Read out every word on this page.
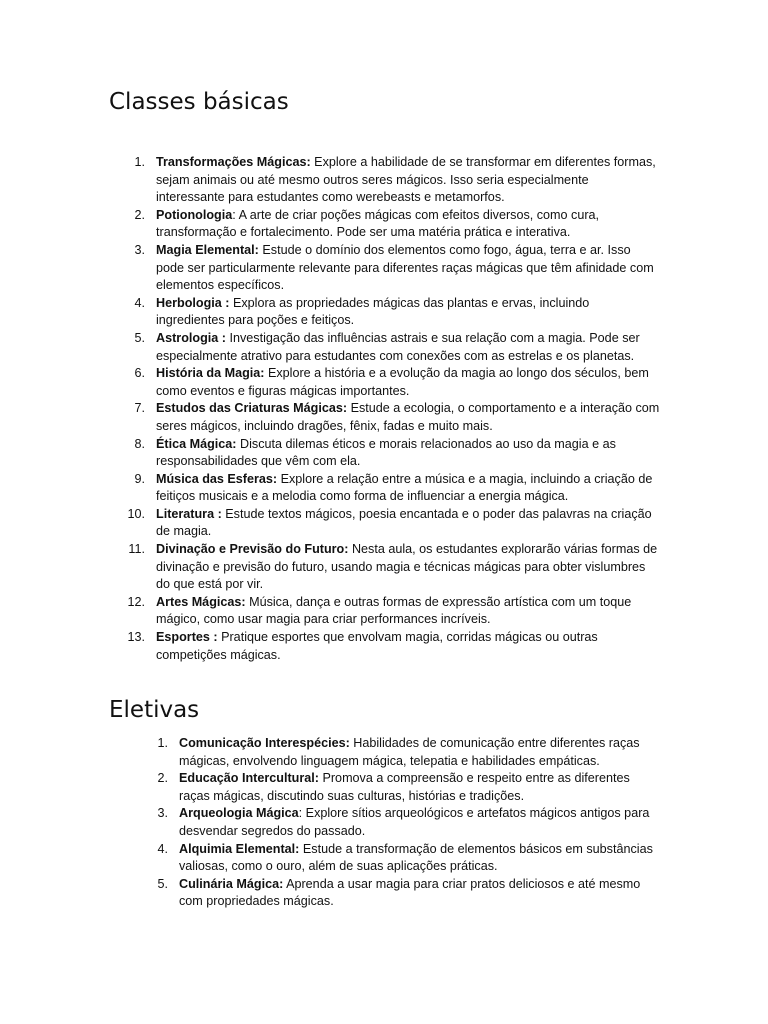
Classes básicas
1. Transformações Mágicas: Explore a habilidade de se transformar em diferentes formas, sejam animais ou até mesmo outros seres mágicos. Isso seria especialmente interessante para estudantes como werebeasts e metamorfos.
2. Potionologia: A arte de criar poções mágicas com efeitos diversos, como cura, transformação e fortalecimento. Pode ser uma matéria prática e interativa.
3. Magia Elemental: Estude o domínio dos elementos como fogo, água, terra e ar. Isso pode ser particularmente relevante para diferentes raças mágicas que têm afinidade com elementos específicos.
4. Herbologia : Explora as propriedades mágicas das plantas e ervas, incluindo ingredientes para poções e feitiços.
5. Astrologia : Investigação das influências astrais e sua relação com a magia. Pode ser especialmente atrativo para estudantes com conexões com as estrelas e os planetas.
6. História da Magia: Explore a história e a evolução da magia ao longo dos séculos, bem como eventos e figuras mágicas importantes.
7. Estudos das Criaturas Mágicas: Estude a ecologia, o comportamento e a interação com seres mágicos, incluindo dragões, fênix, fadas e muito mais.
8. Ética Mágica: Discuta dilemas éticos e morais relacionados ao uso da magia e as responsabilidades que vêm com ela.
9. Música das Esferas: Explore a relação entre a música e a magia, incluindo a criação de feitiços musicais e a melodia como forma de influenciar a energia mágica.
10. Literatura : Estude textos mágicos, poesia encantada e o poder das palavras na criação de magia.
11. Divinação e Previsão do Futuro: Nesta aula, os estudantes explorarão várias formas de divinação e previsão do futuro, usando magia e técnicas mágicas para obter vislumbres do que está por vir.
12. Artes Mágicas: Música, dança e outras formas de expressão artística com um toque mágico, como usar magia para criar performances incríveis.
13. Esportes : Pratique esportes que envolvam magia, corridas mágicas ou outras competições mágicas.
Eletivas
1. Comunicação Interespécies: Habilidades de comunicação entre diferentes raças mágicas, envolvendo linguagem mágica, telepatia e habilidades empáticas.
2. Educação Intercultural: Promova a compreensão e respeito entre as diferentes raças mágicas, discutindo suas culturas, histórias e tradições.
3. Arqueologia Mágica: Explore sítios arqueológicos e artefatos mágicos antigos para desvendar segredos do passado.
4. Alquimia Elemental: Estude a transformação de elementos básicos em substâncias valiosas, como o ouro, além de suas aplicações práticas.
5. Culinária Mágica: Aprenda a usar magia para criar pratos deliciosos e até mesmo com propriedades mágicas.
